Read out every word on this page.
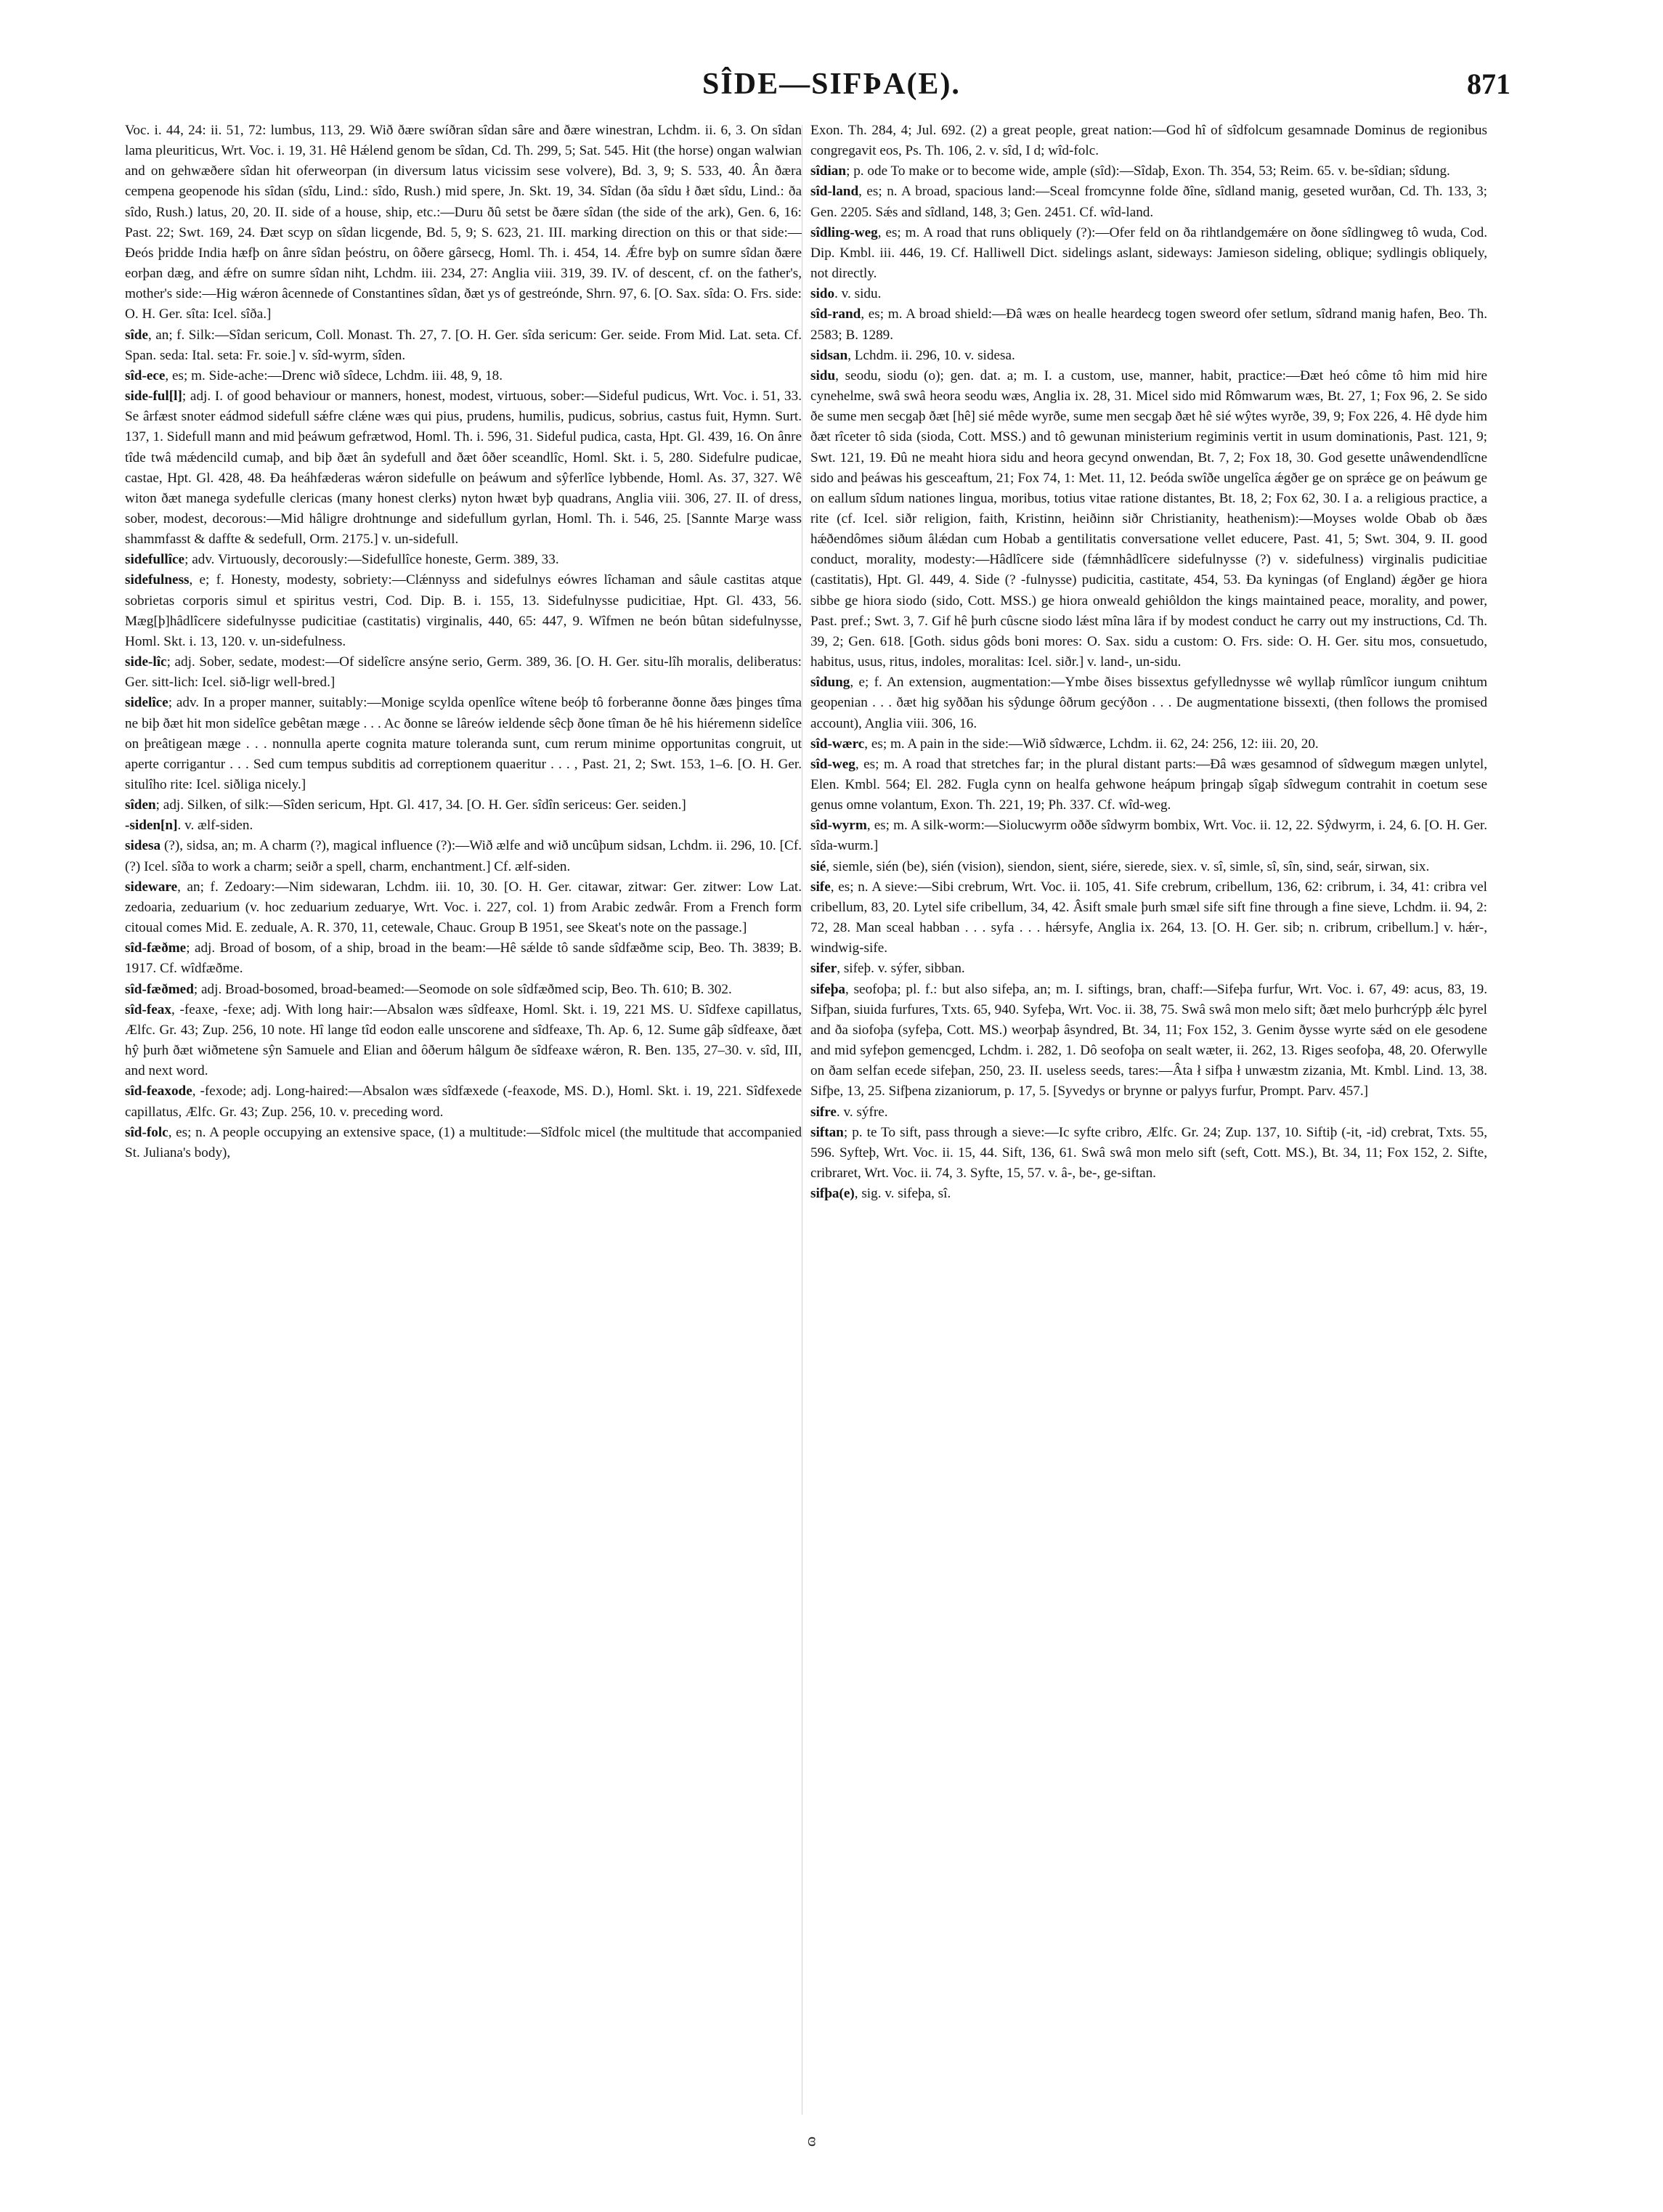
SÎDE—SIFÞA(E).	871

Voc. i. 44, 24: ii. 51, 72: lumbus, 113, 29. Wið ðære swíðran sîdan sâre and ðære winestran, Lchdm. ii. 6, 3. On sîdan lama pleuriticus, Wrt. Voc. i. 19, 31. Hê Hǽlend genom be sîdan, Cd. Th. 299, 5; Sat. 545. Hit (the horse) ongan walwian and on gehwæðere sîdan hit oferweorpan (in diversum latus vicissim sese volvere), Bd. 3, 9; S. 533, 40. Ân ðæra cempena geopenode his sîdan (sîdu, Lind.: sîdo, Rush.) mid spere, Jn. Skt. 19, 34. Sîdan (ða sîdu ł ðæt sîdu, Lind.: ða sîdo, Rush.) latus, 20, 20. II. side of a house, ship, etc.:—Duru ðû setst be ðære sîdan (the side of the ark), Gen. 6, 16: Past. 22; Swt. 169, 24. Ðæt scyp on sîdan licgende, Bd. 5, 9; S. 623, 21. III. marking direction on this or that side:—Ðeós þridde India hæfþ on ânre sîdan þeóstru, on ôðere gârsecg, Homl. Th. i. 454, 14. Ǽfre byþ on sumre sîdan ðære eorþan dæg, and ǽfre on sumre sîdan niht, Lchdm. iii. 234, 27: Anglia viii. 319, 39. IV. of descent, cf. on the father's, mother's side:—Hig wǽron âcennede of Constantines sîdan, ðæt ys of gestreónde, Shrn. 97, 6. [O. Sax. sîda: O. Frs. side: O. H. Ger. sîta: Icel. sîða.]

sîde, an; f. Silk:—Sîdan sericum, Coll. Monast. Th. 27, 7. [O. H. Ger. sîda sericum: Ger. seide. From Mid. Lat. seta. Cf. Span. seda: Ital. seta: Fr. soie.] v. sîd-wyrm, sîden.

sîd-ece, es; m. Side-ache:—Drenc wið sîdece, Lchdm. iii. 48, 9, 18.

side-ful[l]; adj. I. of good behaviour or manners, honest, modest, virtuous, sober:—Sideful pudicus, Wrt. Voc. i. 51, 33. Se ârfæst snoter eádmod sidefull sǽfre clǽne wæs qui pius, prudens, humilis, pudicus, sobrius, castus fuit, Hymn. Surt. 137, 1. Sidefull mann and mid þeáwum gefrætwod, Homl. Th. i. 596, 31. Sideful pudica, casta, Hpt. Gl. 439, 16. On ânre tîde twâ mǽdencild cumaþ, and biþ ðæt ân sydefull and ðæt ôðer sceandlîc, Homl. Skt. i. 5, 280. Sidefulre pudicae, castae, Hpt. Gl. 428, 48. Ða heáhfæderas wǽron sidefulle on þeáwum and sŷferlîce lybbende, Homl. As. 37, 327. Wê witon ðæt manega sydefulle clericas (many honest clerks) nyton hwæt byþ quadrans, Anglia viii. 306, 27. II. of dress, sober, modest, decorous:—Mid hâligre drohtnunge and sidefullum gyrlan, Homl. Th. i. 546, 25. [Sannte Marȝe wass shammfasst & daffte & sedefull, Orm. 2175.] v. un-sidefull.

sidefullîce; adv. Virtuously, decorously:—Sidefullîce honeste, Germ. 389, 33.

sidefulness, e; f. Honesty, modesty, sobriety:—Clǽnnyss and sidefulnys eówres lîchaman and sâule castitas atque sobrietas corporis simul et spiritus vestri, Cod. Dip. B. i. 155, 13. Sidefulnysse pudicitiae, Hpt. Gl. 433, 56. Mæg[þ]hâdlîcere sidefulnysse pudicitiae (castitatis) virginalis, 440, 65: 447, 9. Wîfmen ne beón bûtan sidefulnysse, Homl. Skt. i. 13, 120. v. un-sidefulness.

side-lîc; adj. Sober, sedate, modest:—Of sidelîcre ansýne serio, Germ. 389, 36. [O. H. Ger. situ-lîh moralis, deliberatus: Ger. sitt-lich: Icel. sið-ligr well-bred.]

sidelîce; adv. In a proper manner, suitably:—Monige scylda openlîce wîtene beóþ tô forberanne ðonne ðæs þinges tîma ne biþ ðæt hit mon sidelîce gebêtan mæge . . . Ac ðonne se lâreów ieldende sêcþ ðone tîman ðe hê his hiéremenn sidelîce on þreâtigean mæge . . . nonnulla aperte cognita mature toleranda sunt, cum rerum minime opportunitas congruit, ut aperte corrigantur . . . Sed cum tempus subditis ad correptionem quaeritur . . . , Past. 21, 2; Swt. 153, 1–6. [O. H. Ger. situlîho rite: Icel. siðliga nicely.]

sîden; adj. Silken, of silk:—Sîden sericum, Hpt. Gl. 417, 34. [O. H. Ger. sîdîn sericeus: Ger. seiden.]

-siden[n]. v. ælf-siden.

sidesa (?), sidsa, an; m. A charm (?), magical influence (?):—Wið ælfe and wið uncûþum sidsan, Lchdm. ii. 296, 10. [Cf. (?) Icel. sîða to work a charm; seiðr a spell, charm, enchantment.] Cf. ælf-siden.

sideware, an; f. Zedoary:—Nim sidewaran, Lchdm. iii. 10, 30. [O. H. Ger. citawar, zitwar: Ger. zitwer: Low Lat. zedoaria, zeduarium (v. hoc zeduarium zeduarye, Wrt. Voc. i. 227, col. 1) from Arabic zedwâr. From a French form citoual comes Mid. E. zeduale, A. R. 370, 11, cetewale, Chauc. Group B 1951, see Skeat's note on the passage.]

sîd-fæðme; adj. Broad of bosom, of a ship, broad in the beam:—Hê sǽlde tô sande sîdfæðme scip, Beo. Th. 3839; B. 1917. Cf. wîdfæðme.

sîd-fæðmed; adj. Broad-bosomed, broad-beamed:—Seomode on sole sîdfæðmed scip, Beo. Th. 610; B. 302.

sîd-feax, -feaxe, -fexe; adj. With long hair:—Absalon wæs sîdfeaxe, Homl. Skt. i. 19, 221 MS. U. Sîdfexe capillatus, Ælfc. Gr. 43; Zup. 256, 10 note. Hî lange tîd eodon ealle unscorene and sîdfeaxe, Th. Ap. 6, 12. Sume gâþ sîdfeaxe, ðæt hŷ þurh ðæt wiðmetene sŷn Samuele and Elian and ôðerum hâlgum ðe sîdfeaxe wǽron, R. Ben. 135, 27–30. v. sîd, III, and next word.

sîd-feaxode, -fexode; adj. Long-haired:—Absalon wæs sîdfæxede (-feaxode, MS. D.), Homl. Skt. i. 19, 221. Sîdfexede capillatus, Ælfc. Gr. 43; Zup. 256, 10. v. preceding word.

sîd-folc, es; n. A people occupying an extensive space, (1) a multitude:—Sîdfolc micel (the multitude that accompanied St. Juliana's body),

Exon. Th. 284, 4; Jul. 692. (2) a great people, great nation:—God hî of sîdfolcum gesamnade Dominus de regionibus congregavit eos, Ps. Th. 106, 2. v. sîd, I d; wîd-folc.

sîdian; p. ode To make or to become wide, ample (sîd):—Sîdaþ, Exon. Th. 354, 53; Reim. 65. v. be-sîdian; sîdung.

sîd-land, es; n. A broad, spacious land:—Sceal fromcynne folde ðîne, sîdland manig, geseted wurðan, Cd. Th. 133, 3; Gen. 2205. Sǽs and sîdland, 148, 3; Gen. 2451. Cf. wîd-land.

sîdling-weg, es; m. A road that runs obliquely (?):—Ofer feld on ða rihtlandgemǽre on ðone sîdlingweg tô wuda, Cod. Dip. Kmbl. iii. 446, 19. Cf. Halliwell Dict. sidelings aslant, sideways: Jamieson sideling, oblique; sydlingis obliquely, not directly.

sido. v. sidu.

sîd-rand, es; m. A broad shield:—Ðâ wæs on healle heardecg togen sweord ofer setlum, sîdrand manig hafen, Beo. Th. 2583; B. 1289.

sidsan, Lchdm. ii. 296, 10. v. sidesa.

sidu, seodu, siodu (o); gen. dat. a; m. I. a custom, use, manner, habit, practice:—Ðæt heó côme tô him mid hire cynehelme, swâ swâ heora seodu wæs, Anglia ix. 28, 31. Micel sido mid Rômwarum wæs, Bt. 27, 1; Fox 96, 2. Se sido ðe sume men secgaþ ðæt [hê] sié mêde wyrðe, sume men secgaþ ðæt hê sié wŷtes wyrðe, 39, 9; Fox 226, 4. Hê dyde him ðæt rîceter tô sida (sioda, Cott. MSS.) and tô gewunan ministerium regiminis vertit in usum dominationis, Past. 121, 9; Swt. 121, 19. Ðû ne meaht hiora sidu and heora gecynd onwendan, Bt. 7, 2; Fox 18, 30. God gesette unâwendendlîcne sido and þeáwas his gesceaftum, 21; Fox 74, 1: Met. 11, 12. Þeóda swîðe ungelîca ǽgðer ge on sprǽce ge on þeáwum ge on eallum sîdum nationes lingua, moribus, totius vitae ratione distantes, Bt. 18, 2; Fox 62, 30. I a. a religious practice, a rite (cf. Icel. siðr religion, faith, Kristinn, heiðinn siðr Christianity, heathenism):—Moyses wolde Obab ob ðæs hǽðendômes siðum âlǽdan cum Hobab a gentilitatis conversatione vellet educere, Past. 41, 5; Swt. 304, 9. II. good conduct, morality, modesty:—Hâdlîcere side (fǽmnhâdlîcere sidefulnysse (?) v. sidefulness) virginalis pudicitiae (castitatis), Hpt. Gl. 449, 4. Side (? -fulnysse) pudicitia, castitate, 454, 53. Ða kyningas (of England) ǽgðer ge hiora sibbe ge hiora siodo (sido, Cott. MSS.) ge hiora onweald gehiôldon the kings maintained peace, morality, and power, Past. pref.; Swt. 3, 7. Gif hê þurh cûscne siodo lǽst mîna lâra if by modest conduct he carry out my instructions, Cd. Th. 39, 2; Gen. 618. [Goth. sidus gôds boni mores: O. Sax. sidu a custom: O. Frs. side: O. H. Ger. situ mos, consuetudo, habitus, usus, ritus, indoles, moralitas: Icel. siðr.] v. land-, un-sidu.

sîdung, e; f. An extension, augmentation:—Ymbe ðises bissextus gefyllednysse wê wyllaþ rûmlîcor iungum cnihtum geopenian . . . ðæt hig syððan his sŷdunge ôðrum gecýðon . . . De augmentatione bissexti, (then follows the promised account), Anglia viii. 306, 16.

sîd-wærc, es; m. A pain in the side:—Wið sîdwærce, Lchdm. ii. 62, 24: 256, 12: iii. 20, 20.

sîd-weg, es; m. A road that stretches far; in the plural distant parts:—Ðâ wæs gesamnod of sîdwegum mægen unlytel, Elen. Kmbl. 564; El. 282. Fugla cynn on healfa gehwone heápum þringaþ sîgaþ sîdwegum contrahit in coetum sese genus omne volantum, Exon. Th. 221, 19; Ph. 337. Cf. wîd-weg.

sîd-wyrm, es; m. A silk-worm:—Siolucwyrm oððe sîdwyrm bombix, Wrt. Voc. ii. 12, 22. Sŷdwyrm, i. 24, 6. [O. H. Ger. sîda-wurm.]

sié, siemle, sién (be), sién (vision), siendon, sient, siére, sierede, siex. v. sî, simle, sî, sîn, sind, seár, sirwan, six.

sife, es; n. A sieve:—Sibi crebrum, Wrt. Voc. ii. 105, 41. Sife crebrum, cribellum, 136, 62: cribrum, i. 34, 41: cribra vel cribellum, 83, 20. Lytel sife cribellum, 34, 42. Âsift smale þurh smæl sife sift fine through a fine sieve, Lchdm. ii. 94, 2: 72, 28. Man sceal habban . . . syfa . . . hǽrsyfe, Anglia ix. 264, 13. [O. H. Ger. sib; n. cribrum, cribellum.] v. hǽr-, windwig-sife.

sifer, sifeþ. v. sýfer, sibban.

sifeþa, seofoþa; pl. f.: but also sifeþa, an; m. I. siftings, bran, chaff:—Sifeþa furfur, Wrt. Voc. i. 67, 49: acus, 83, 19. Sifþan, siuida furfures, Txts. 65, 940. Syfeþa, Wrt. Voc. ii. 38, 75. Swâ swâ mon melo sift; ðæt melo þurhcrýpþ ǽlc þyrel and ða siofoþa (syfeþa, Cott. MS.) weorþaþ âsyndred, Bt. 34, 11; Fox 152, 3. Genim ðysse wyrte sǽd on ele gesodene and mid syfeþon gemencged, Lchdm. i. 282, 1. Dô seofoþa on sealt wæter, ii. 262, 13. Riges seofoþa, 48, 20. Oferwylle on ðam selfan ecede sifeþan, 250, 23. II. useless seeds, tares:—Âta ł sifþa ł unwæstm zizania, Mt. Kmbl. Lind. 13, 38. Sifþe, 13, 25. Sifþena zizaniorum, p. 17, 5. [Syvedys or brynne or palyys furfur, Prompt. Parv. 457.]

sifre. v. sýfre.

siftan; p. te To sift, pass through a sieve:—Ic syfte cribro, Ælfc. Gr. 24; Zup. 137, 10. Siftiþ (-it, -id) crebrat, Txts. 55, 596. Syfteþ, Wrt. Voc. ii. 15, 44. Sift, 136, 61. Swâ swâ mon melo sift (seft, Cott. MS.), Bt. 34, 11; Fox 152, 2. Sifte, cribraret, Wrt. Voc. ii. 74, 3. Syfte, 15, 57. v. â-, be-, ge-siftan.

sifþa(e), sig. v. sifeþa, sî.

ɞ
